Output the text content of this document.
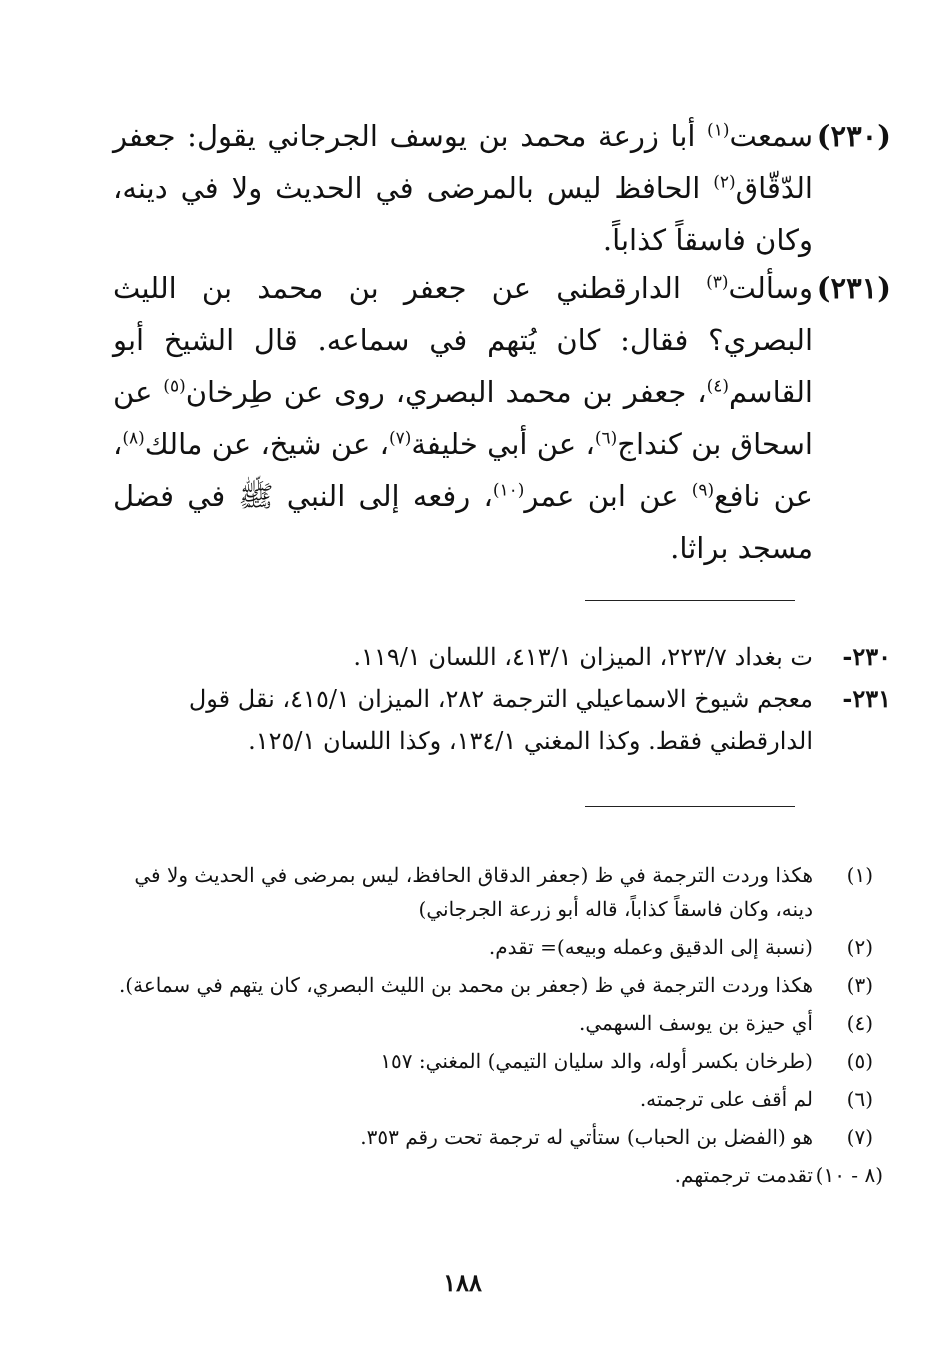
(٢٣٠)
سمعت$^{(١)}$ أبا زرعة محمد بن يوسف الجرجاني يقول: جعفر الدّقّاق$^{(٢)}$ الحافظ ليس بالمرضى في الحديث ولا في دينه، وكان فاسقاً كذاباً.
(٢٣١)
وسألت$^{(٣)}$ الدارقطني عن جعفر بن محمد بن الليث البصري؟ فقال: كان يُتهم في سماعه. قال الشيخ أبو القاسم$^{(٤)}$، جعفر بن محمد البصري، روى عن طِرخان$^{(٥)}$ عن اسحاق بن كنداج$^{(٦)}$، عن أبي خليفة$^{(٧)}$، عن شيخ، عن مالك$^{(٨)}$، عن نافع$^{(٩)}$ عن ابن عمر$^{(١٠)}$، رفعه إلى النبي ﷺ في فضل مسجد براثا.
٢٣٠-
ت بغداد ٢٢٣/٧، الميزان ٤١٣/١، اللسان ١١٩/١.
٢٣١-
معجم شيوخ الاسماعيلي الترجمة ٢٨٢، الميزان ٤١٥/١، نقل قول الدارقطني فقط. وكذا المغني ١٣٤/١، وكذا اللسان ١٢٥/١.
(١)
هكذا وردت الترجمة في ظ (جعفر الدقاق الحافظ، ليس بمرضى في الحديث ولا في دينه، وكان فاسقاً كذاباً، قاله أبو زرعة الجرجاني)
(٢)
(نسبة إلى الدقيق وعمله وبيعه)= تقدم.
(٣)
هكذا وردت الترجمة في ظ (جعفر بن محمد بن الليث البصري، كان يتهم في سماعة).
(٤)
أي حيزة بن يوسف السهمي.
(٥)
(طرخان بكسر أوله، والد سليان التيمي) المغني: ١٥٧
(٦)
لم أقف على ترجمته.
(٧)
هو (الفضل بن الحباب) ستأتي له ترجمة تحت رقم ٣٥٣.
(٨ - ١٠)
تقدمت ترجمتهم.
١٨٨
